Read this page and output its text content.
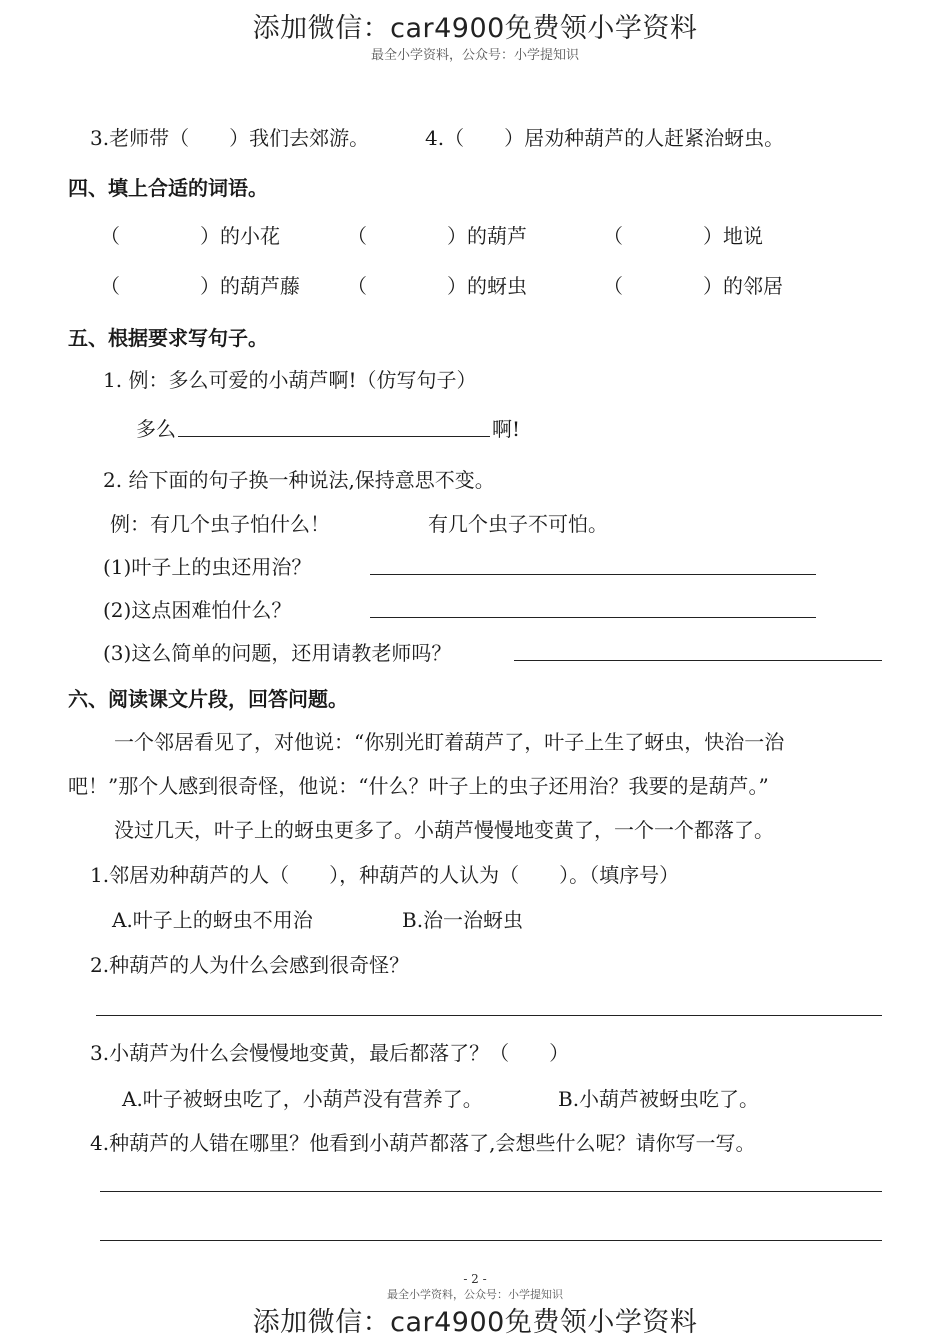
添加微信：car4900免费领小学资料
最全小学资料，公众号：小学提知识
3.老师带（　　）我们去郊游。	4.（　　）居劝种葫芦的人赶紧治蚜虫。
四、填上合适的词语。
（　　　　）的小花	（　　　　）的葫芦	（　　　　）地说
（　　　　）的葫芦藤 （　　　　）的蚜虫	（　　　　）的邻居
五、根据要求写句子。
1. 例：多么可爱的小葫芦啊!（仿写句子）
多么	啊!
2. 给下面的句子换一种说法,保持意思不变。
例：有几个虫子怕什么！	有几个虫子不可怕。
(1)叶子上的虫还用治？
(2)这点困难怕什么？
(3)这么简单的问题，还用请教老师吗？
六、阅读课文片段，回答问题。
一个邻居看见了，对他说：“你别光盯着葫芦了，叶子上生了蚜虫，快治一治
吧！”那个人感到很奇怪，他说：“什么？叶子上的虫子还用治？我要的是葫芦。”
没过几天，叶子上的蚜虫更多了。小葫芦慢慢地变黄了，一个一个都落了。
1.邻居劝种葫芦的人（　　），种葫芦的人认为（　　）。（填序号）
A.叶子上的蚜虫不用治	B.治一治蚜虫
2.种葫芦的人为什么会感到很奇怪？
3.小葫芦为什么会慢慢地变黄，最后都落了？（　　）
A.叶子被蚜虫吃了，小葫芦没有营养了。	B.小葫芦被蚜虫吃了。
4.种葫芦的人错在哪里？他看到小葫芦都落了,会想些什么呢？请你写一写。
- 2 -
最全小学资料，公众号：小学提知识
添加微信：car4900免费领小学资料
